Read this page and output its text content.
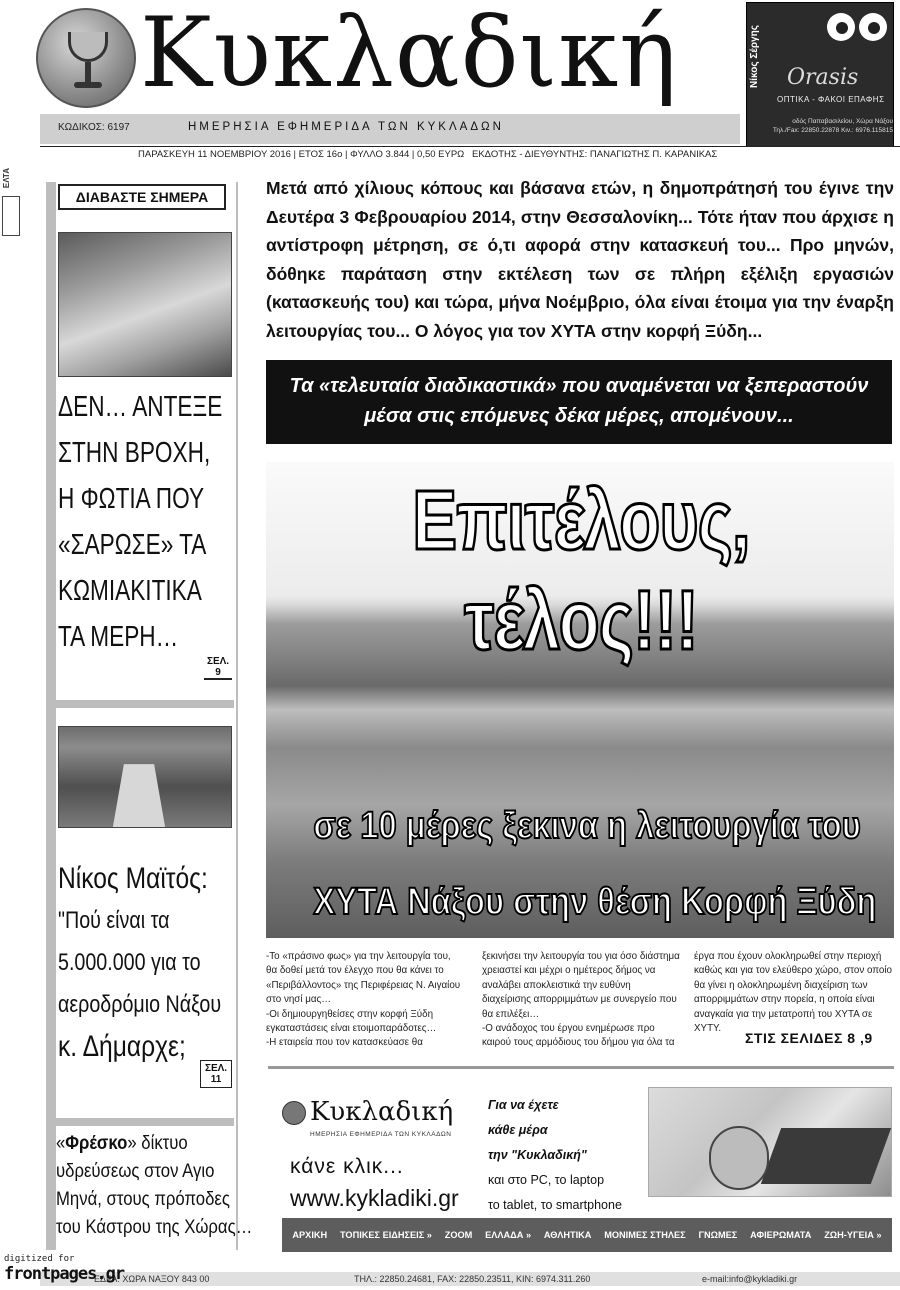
Κυκλαδική	Νίκος Σέργης Orasis
ΟΠΤΙΚΑ - ΦΑΚΟΙ ΕΠΑΦΗΣ
οδός Παπαβασιλείου, Χώρα Νάξου
Τηλ./Fax: 22850.22878 Κιν.: 6976.115815
ΚΩΔΙΚΟΣ: 6197	ΗΜΕΡΗΣΙΑ ΕΦΗΜΕΡΙΔΑ ΤΩΝ ΚΥΚΛΑΔΩΝ
ΠΑΡΑΣΚΕΥΗ 11 ΝΟΕΜΒΡΙΟΥ 2016 | ΕΤΟΣ 16ο | ΦΥΛΛΟ 3.844 | 0,50 ΕΥΡΩ ΕΚΔΟΤΗΣ - ΔΙΕΥΘΥΝΤΗΣ: ΠΑΝΑΓΙΩΤΗΣ Π. ΚΑΡΑΝΙΚΑΣ
ΕΛΤΑ
ΔΙΑΒΑΣΤΕ ΣΗΜΕΡΑ
ΔΕΝ… ΑΝΤΕΞΕ
ΣΤΗΝ ΒΡΟΧΗ,
Η ΦΩΤΙΑ ΠΟΥ
«ΣΑΡΩΣΕ» ΤΑ
ΚΩΜΙΑΚΙΤΙΚΑ
ΤΑ ΜΕΡΗ…
ΣΕΛ.
9
Νίκος Μαϊτός:
"Πού είναι τα
5.000.000 για το
αεροδρόμιο Νάξου
κ. Δήμαρχε;
ΣΕΛ.
11
«Φρέσκο» δίκτυο
υδρεύσεως στον Αγιο
Μηνά, στους πρόποδες
του Κάστρου της Χώρας…
Μετά από χίλιους κόπους και βάσανα ετών, η δημοπράτησή του έγινε την Δευτέρα 3 Φεβρουαρίου 2014, στην Θεσσαλονίκη... Τότε ήταν που άρχισε η αντίστροφη μέτρηση, σε ό,τι αφορά στην κατασκευή του... Προ μηνών, δόθηκε παράταση στην εκτέλεση των σε πλήρη εξέλιξη εργασιών (κατασκευής του) και τώρα, μήνα Νοέμβριο, όλα είναι έτοιμα για την έναρξη λειτουργίας του... Ο λόγος για τον ΧΥΤΑ στην κορφή Ξύδη...
Τα «τελευταία διαδικαστικά» που αναμένεται να ξεπεραστούν
μέσα στις επόμενες δέκα μέρες, απομένουν...
Επιτέλους, τέλος!!!
σε 10 μέρες ξεκινα η λειτουργία του
ΧΥΤΑ Νάξου στην θέση Κορφή Ξύδη
-Το «πράσινο φως» για την λειτουργία του, θα δοθεί μετά τον έλεγχο που θα κάνει το «Περιβάλλοντος» της Περιφέρειας Ν. Αιγαίου στο νησί μας…
-Οι δημιουργηθείσες στην κορφή Ξύδη εγκαταστάσεις είναι ετοιμοπαράδοτες…
-Η εταιρεία που τον κατασκεύασε θα
ξεκινήσει την λειτουργία του για όσο διάστημα χρειαστεί και μέχρι ο ημέτερος δήμος να αναλάβει αποκλειστικά την ευθύνη διαχείρισης απορριμμάτων με συνεργείο που θα επιλέξει…
-Ο ανάδοχος του έργου ενημέρωσε προ καιρού τους αρμόδιους του δήμου για όλα τα
έργα που έχουν ολοκληρωθεί στην περιοχή καθώς και για τον ελεύθερο χώρο, στον οποίο θα γίνει η ολοκληρωμένη διαχείριση των απορριμμάτων στην πορεία, η οποία είναι αναγκαία για την μετατροπή του ΧΥΤΑ σε ΧΥΤΥ.
ΣΤΙΣ ΣΕΛΙΔΕΣ 8 ,9
Κυκλαδική
ΗΜΕΡΗΣΙΑ ΕΦΗΜΕΡΙΔΑ ΤΩΝ ΚΥΚΛΑΔΩΝ
κάνε κλικ...
www.kykladiki.gr
Για να έχετε
κάθε μέρα
την "Κυκλαδική"
και στο PC, το laptop
το tablet, το smartphone
ΑΡΧΙΚΗ ΤΟΠΙΚΕΣ ΕΙΔΗΣΕΙΣ » ΖΟΟΜ ΕΛΛΑΔΑ » ΑΘΛΗΤΙΚΑ ΜΟΝΙΜΕΣ ΣΤΗΛΕΣ ΓΝΩΜΕΣ ΑΦΙΕΡΩΜΑΤΑ ΖΩΗ-ΥΓΕΙΑ »
ΕΔΡΑ: ΧΩΡΑ ΝΑΞΟΥ 843 00	ΤΗΛ.: 22850.24681, FAX: 22850.23511, ΚΙΝ: 6974.311.260	e-mail:info@kykladiki.gr
digitized for
frontpages.gr
